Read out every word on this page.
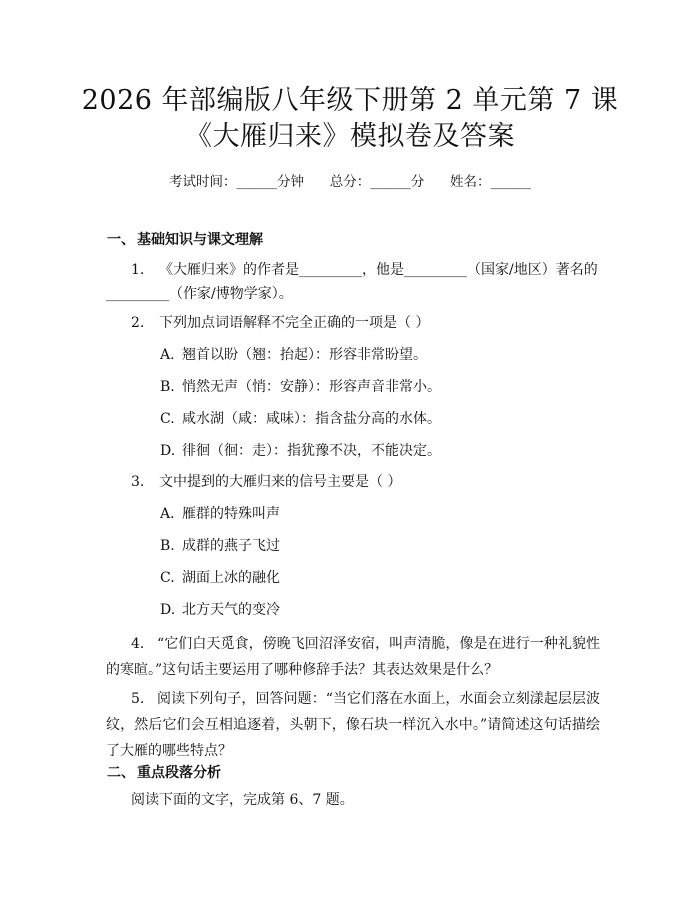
2026 年部编版八年级下册第 2 单元第 7 课
《大雁归来》模拟卷及答案
考试时间：______分钟      总分：______分      姓名：______
一、 基础知识与课文理解
1. 《大雁归来》的作者是_________，他是_________（国家/地区）著名的
_________（作家/博物学家）。
2. 下列加点词语解释不完全正确的一项是（ ）
A. 翘首以盼（翘：抬起）：形容非常盼望。
B. 悄然无声（悄：安静）：形容声音非常小。
C. 咸水湖（咸：咸味）：指含盐分高的水体。
D. 徘徊（徊：走）：指犹豫不决，不能决定。
3. 文中提到的大雁归来的信号主要是（ ）
A. 雁群的特殊叫声
B. 成群的燕子飞过
C. 湖面上冰的融化
D. 北方天气的变冷
4. “它们白天觅食，傍晚飞回沼泽安宿，叫声清脆，像是在进行一种礼貌性的寒暄。”这句话主要运用了哪种修辞手法？其表达效果是什么？
5. 阅读下列句子，回答问题：“当它们落在水面上，水面会立刻漾起层层波纹，然后它们会互相追逐着，头朝下，像石块一样沉入水中。”请简述这句话描绘了大雁的哪些特点？
二、 重点段落分析
阅读下面的文字，完成第 6、7 题。
